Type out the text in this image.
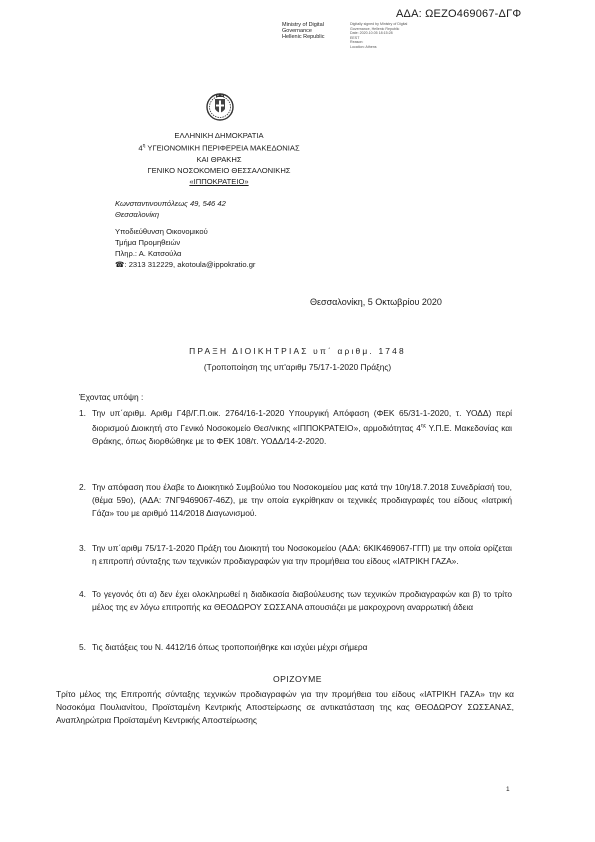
ΑΔΑ: ΩΕΖΟ469067-ΔΓΦ
Ministry of Digital
Governance
Hellenic Republic
Digitally signed by Ministry of Digital
Governance, Hellenic Republic
Date: 2020.10.05 18:15:28
EEST
Reason:
Location: Athens
ΕΛΛΗΝΙΚΗ ΔΗΜΟΚΡΑΤΙΑ
$4^\eta$ ΥΓΕΙΟΝΟΜΙΚΗ ΠΕΡΙΦΕΡΕΙΑ ΜΑΚΕΔΟΝΙΑΣ
ΚΑΙ ΘΡΑΚΗΣ
ΓΕΝΙΚΟ ΝΟΣΟΚΟΜΕΙΟ ΘΕΣΣΑΛΟΝΙΚΗΣ
«ΙΠΠΟΚΡΑΤΕΙΟ»
Κωνσταντινουπόλεως 49, 546 42
Θεσσαλονίκη
Υποδιεύθυνση Οικονομικού
Τμήμα Προμηθειών
Πληρ.: Α. Κατσούλα
☎: 2313 312229, akotoula@ippokratio.gr
Θεσσαλονίκη, 5 Οκτωβρίου 2020
ΠΡΑΞΗ ΔΙΟΙΚΗΤΡΙΑΣ υπ΄ αριθμ. 1748
(Τροποποίηση της υπ'αριθμ 75/17-1-2020 Πράξης)
Έχοντας υπόψη :
1. Την υπ΄αριθμ. Αριθμ Γ4β/Γ.Π.οικ. 2764/16-1-2020 Υπουργική Απόφαση (ΦΕΚ 65/31-1-2020, τ. ΥΟΔΔ) περί διορισμού Διοικητή στο Γενικό Νοσοκομείο Θεσ/νικης «ΙΠΠΟΚΡΑΤΕΙΟ», αρμοδιότητας $4^{\eta\varsigma}$ Υ.Π.Ε. Μακεδονίας και Θράκης, όπως διορθώθηκε με το ΦΕΚ 108/τ. ΥΟΔΔ/14-2-2020.
2. Την απόφαση που έλαβε το Διοικητικό Συμβούλιο του Νοσοκομείου μας κατά την 10η/18.7.2018 Συνεδρίασή του, (θέμα 59ο), (ΑΔΑ: 7ΝΓ9469067-46Ζ), με την οποία εγκρίθηκαν οι τεχνικές προδιαγραφές του είδους «Ιατρική Γάζα» του με αριθμό 114/2018 Διαγωνισμού.
3. Την υπ΄αριθμ 75/17-1-2020 Πράξη του Διοικητή του Νοσοκομείου (ΑΔΑ: 6ΚΙΚ469067-ΓΓΠ) με την οποία ορίζεται η επιτροπή σύνταξης των τεχνικών προδιαγραφών για την προμήθεια του είδους «ΙΑΤΡΙΚΗ ΓΑΖΑ».
4. Το γεγονός ότι α) δεν έχει ολοκληρωθεί η διαδικασία διαβούλευσης των τεχνικών προδιαγραφών και β) το τρίτο μέλος της εν λόγω επιτροπής κα ΘΕΟΔΩΡΟΥ ΣΩΣΣΑΝΑ απουσιάζει με μακροχρονη αναρρωτική άδεια
5. Τις διατάξεις του Ν. 4412/16 όπως τροποποιήθηκε και ισχύει μέχρι σήμερα
ΟΡΙΖΟΥΜΕ
Τρίτο μέλος της Επιτροπής σύνταξης τεχνικών προδιαγραφών για την προμήθεια του είδους «ΙΑΤΡΙΚΗ ΓΑΖΑ» την κα Νοσοκόμα Πουλιανίτου, Προϊσταμένη Κεντρικής Αποστείρωσης σε αντικατάσταση της κας ΘΕΟΔΩΡΟΥ ΣΩΣΣΑΝΑΣ, Αναπληρώτρια Προϊσταμένη Κεντρικής Αποστείρωσης
1
